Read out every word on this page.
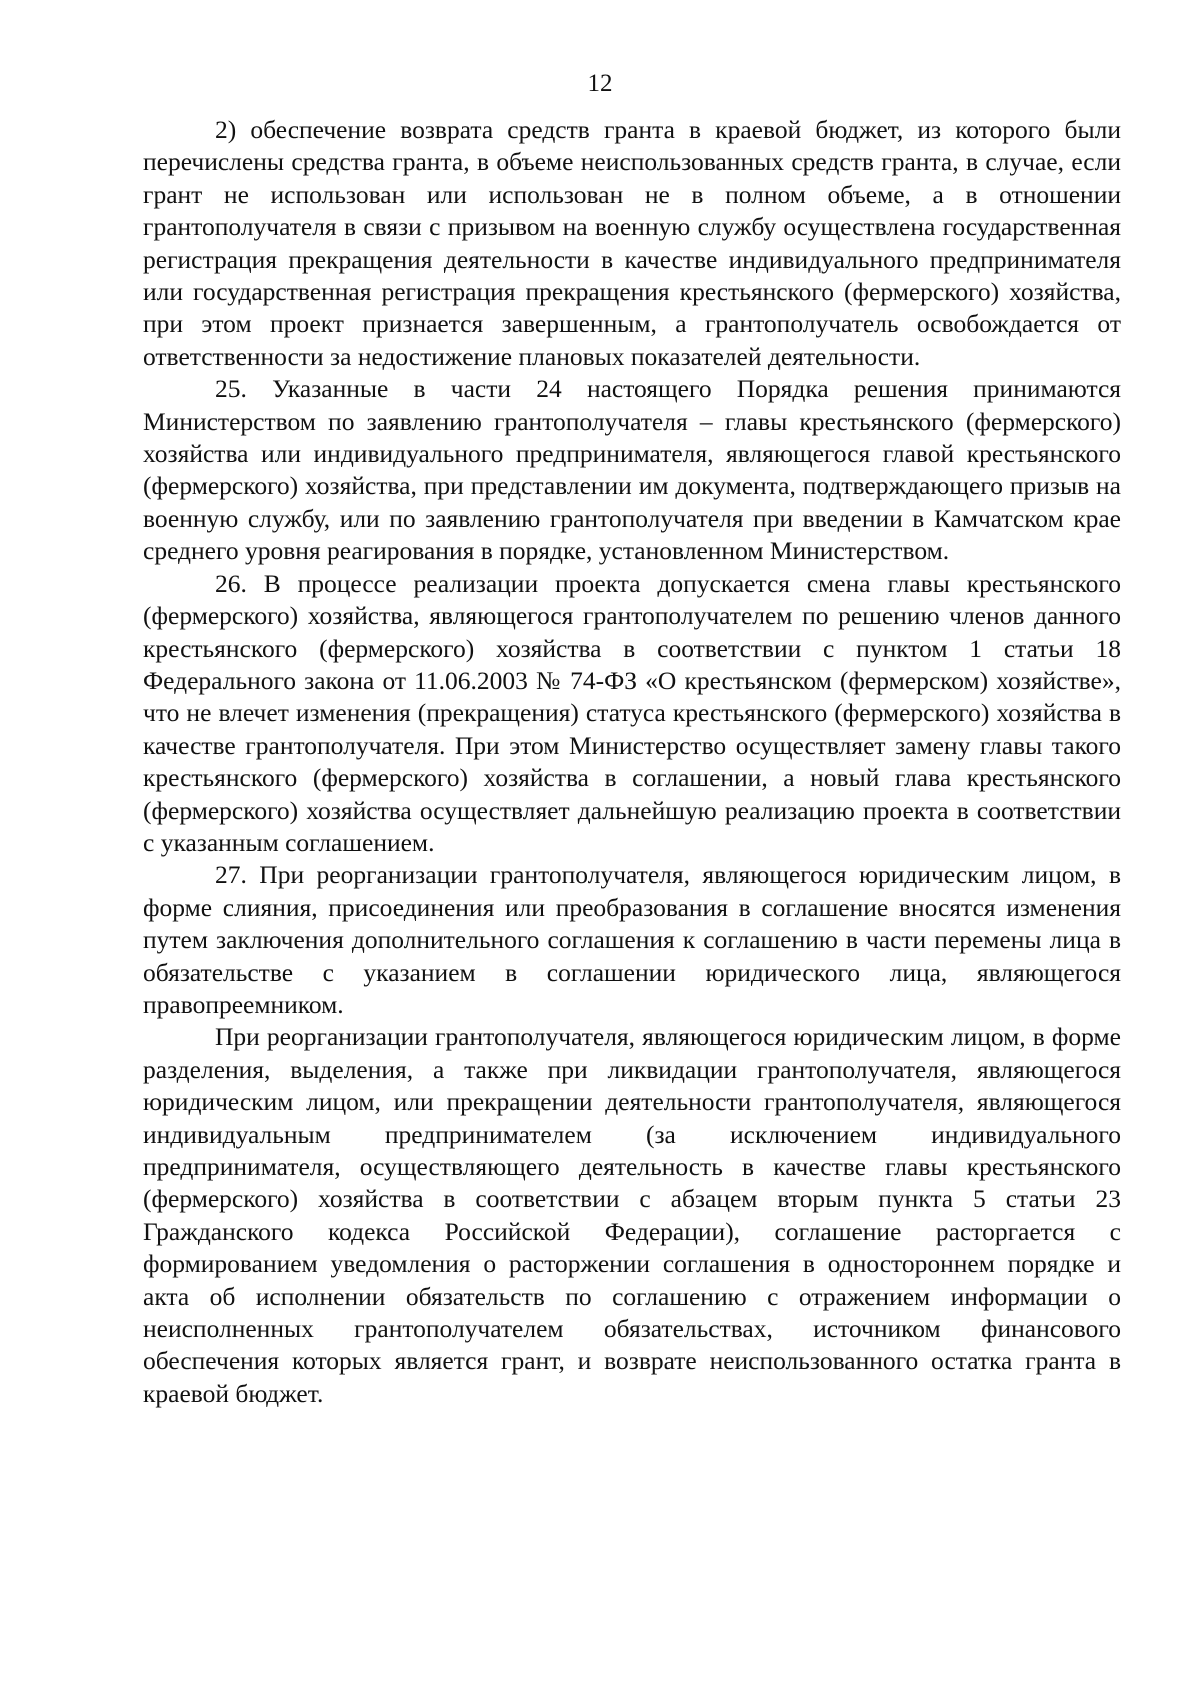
12

2) обеспечение возврата средств гранта в краевой бюджет, из которого были перечислены средства гранта, в объеме неиспользованных средств гранта, в случае, если грант не использован или использован не в полном объеме, а в отношении грантополучателя в связи с призывом на военную службу осуществлена государственная регистрация прекращения деятельности в качестве индивидуального предпринимателя или государственная регистрация прекращения крестьянского (фермерского) хозяйства, при этом проект признается завершенным, а грантополучатель освобождается от ответственности за недостижение плановых показателей деятельности.

25. Указанные в части 24 настоящего Порядка решения принимаются Министерством по заявлению грантополучателя – главы крестьянского (фермерского) хозяйства или индивидуального предпринимателя, являющегося главой крестьянского (фермерского) хозяйства, при представлении им документа, подтверждающего призыв на военную службу, или по заявлению грантополучателя при введении в Камчатском крае среднего уровня реагирования в порядке, установленном Министерством.

26. В процессе реализации проекта допускается смена главы крестьянского (фермерского) хозяйства, являющегося грантополучателем по решению членов данного крестьянского (фермерского) хозяйства в соответствии с пунктом 1 статьи 18 Федерального закона от 11.06.2003 № 74-ФЗ «О крестьянском (фермерском) хозяйстве», что не влечет изменения (прекращения) статуса крестьянского (фермерского) хозяйства в качестве грантополучателя. При этом Министерство осуществляет замену главы такого крестьянского (фермерского) хозяйства в соглашении, а новый глава крестьянского (фермерского) хозяйства осуществляет дальнейшую реализацию проекта в соответствии с указанным соглашением.

27. При реорганизации грантополучателя, являющегося юридическим лицом, в форме слияния, присоединения или преобразования в соглашение вносятся изменения путем заключения дополнительного соглашения к соглашению в части перемены лица в обязательстве с указанием в соглашении юридического лица, являющегося правопреемником.

При реорганизации грантополучателя, являющегося юридическим лицом, в форме разделения, выделения, а также при ликвидации грантополучателя, являющегося юридическим лицом, или прекращении деятельности грантополучателя, являющегося индивидуальным предпринимателем (за исключением индивидуального предпринимателя, осуществляющего деятельность в качестве главы крестьянского (фермерского) хозяйства в соответствии с абзацем вторым пункта 5 статьи 23 Гражданского кодекса Российской Федерации), соглашение расторгается с формированием уведомления о расторжении соглашения в одностороннем порядке и акта об исполнении обязательств по соглашению с отражением информации о неисполненных грантополучателем обязательствах, источником финансового обеспечения которых является грант, и возврате неиспользованного остатка гранта в краевой бюджет.
